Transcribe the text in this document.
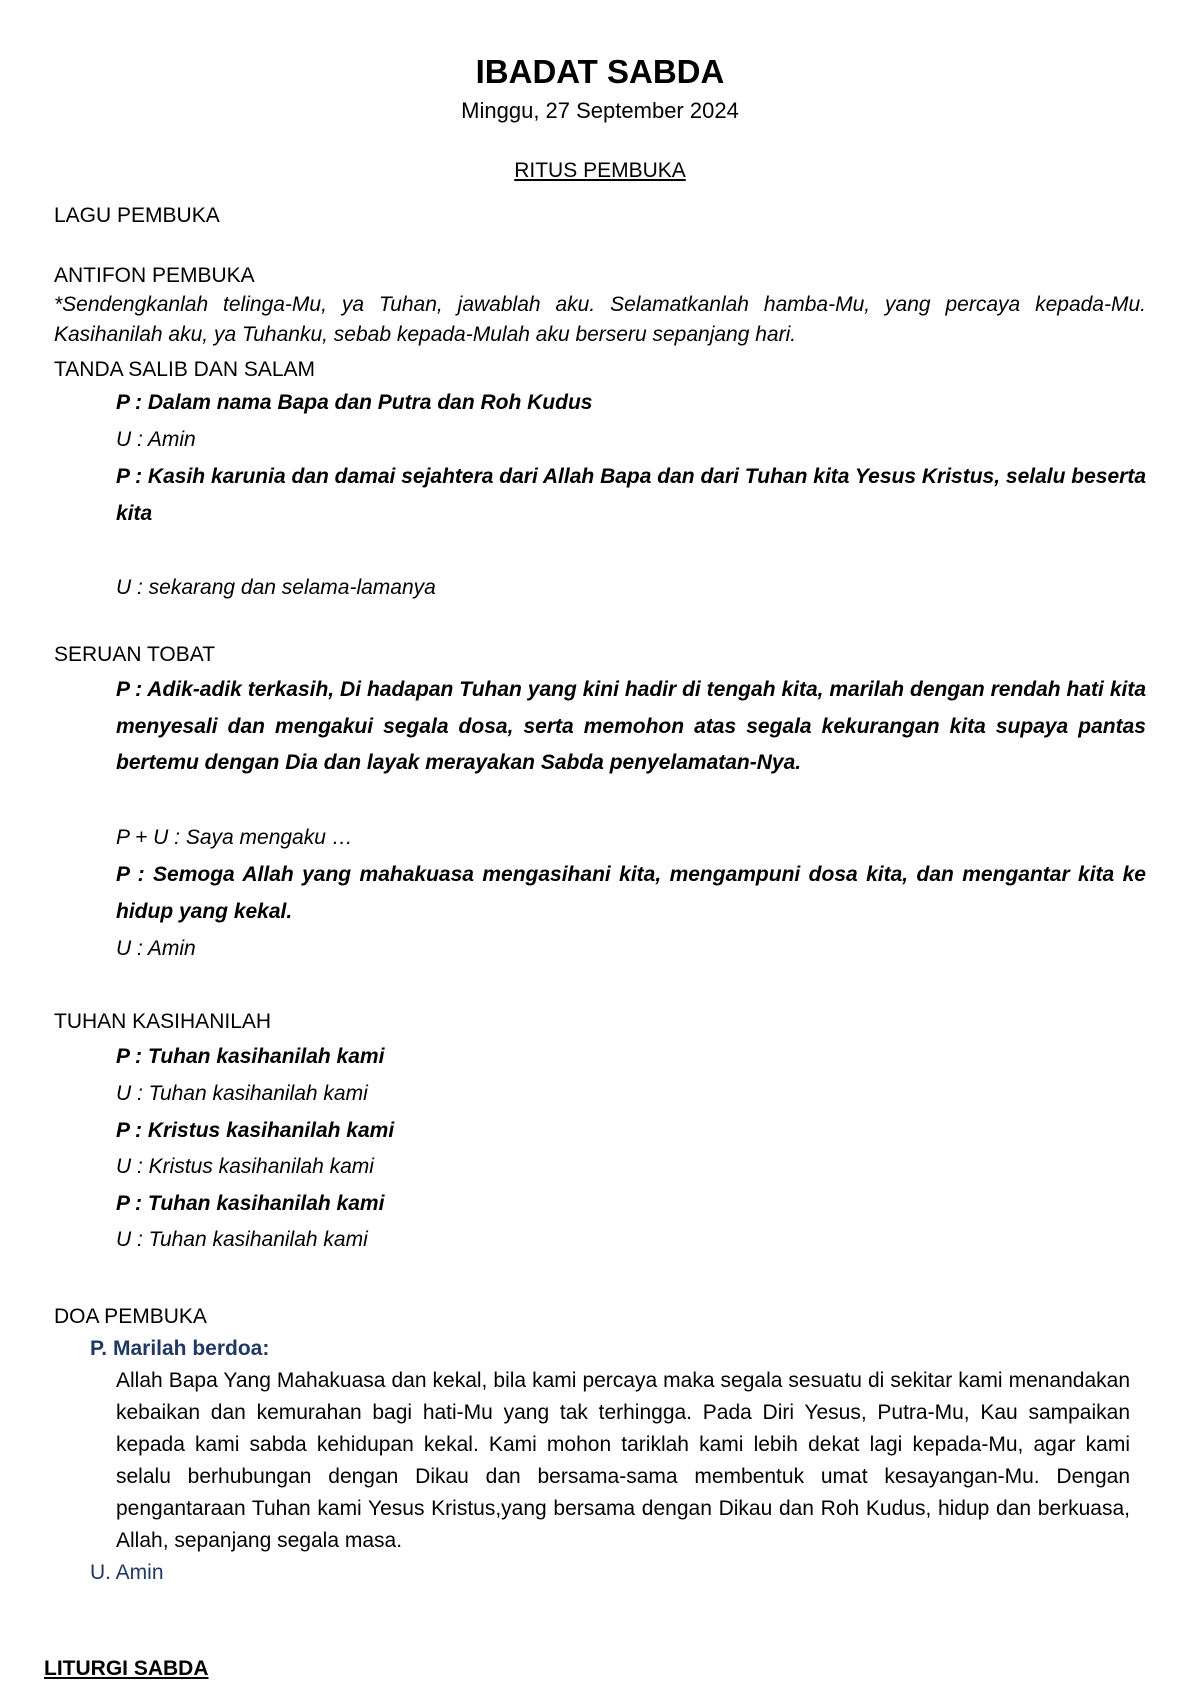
IBADAT SABDA
Minggu, 27 September 2024
RITUS PEMBUKA
LAGU PEMBUKA
ANTIFON PEMBUKA
*Sendengkanlah telinga-Mu, ya Tuhan, jawablah aku. Selamatkanlah hamba-Mu, yang percaya kepada-Mu. Kasihanilah aku, ya Tuhanku, sebab kepada-Mulah aku berseru sepanjang hari.
TANDA SALIB DAN SALAM
P : Dalam nama Bapa dan Putra dan Roh Kudus
U : Amin
P : Kasih karunia dan damai sejahtera dari Allah Bapa dan dari Tuhan kita Yesus Kristus, selalu beserta kita
U : sekarang dan selama-lamanya
SERUAN TOBAT
P : Adik-adik terkasih, Di hadapan Tuhan yang kini hadir di tengah kita, marilah dengan rendah hati kita menyesali dan mengakui segala dosa, serta memohon atas segala kekurangan kita supaya pantas bertemu dengan Dia dan layak merayakan Sabda penyelamatan-Nya.
P + U : Saya mengaku …
P : Semoga Allah yang mahakuasa mengasihani kita, mengampuni dosa kita, dan mengantar kita ke hidup yang kekal.
U : Amin
TUHAN KASIHANILAH
P : Tuhan kasihanilah kami
U : Tuhan kasihanilah kami
P : Kristus kasihanilah kami
U : Kristus kasihanilah kami
P : Tuhan kasihanilah kami
U : Tuhan kasihanilah kami
DOA PEMBUKA
P. Marilah berdoa:
Allah Bapa Yang Mahakuasa dan kekal, bila kami percaya maka segala sesuatu di sekitar kami menandakan kebaikan dan kemurahan bagi hati-Mu yang tak terhingga. Pada Diri Yesus, Putra-Mu, Kau sampaikan kepada kami sabda kehidupan kekal. Kami mohon tariklah kami lebih dekat lagi kepada-Mu, agar kami selalu berhubungan dengan Dikau dan bersama-sama membentuk umat kesayangan-Mu. Dengan pengantaraan Tuhan kami Yesus Kristus,yang bersama dengan Dikau dan Roh Kudus, hidup dan berkuasa, Allah, sepanjang segala masa.
U. Amin
LITURGI SABDA
